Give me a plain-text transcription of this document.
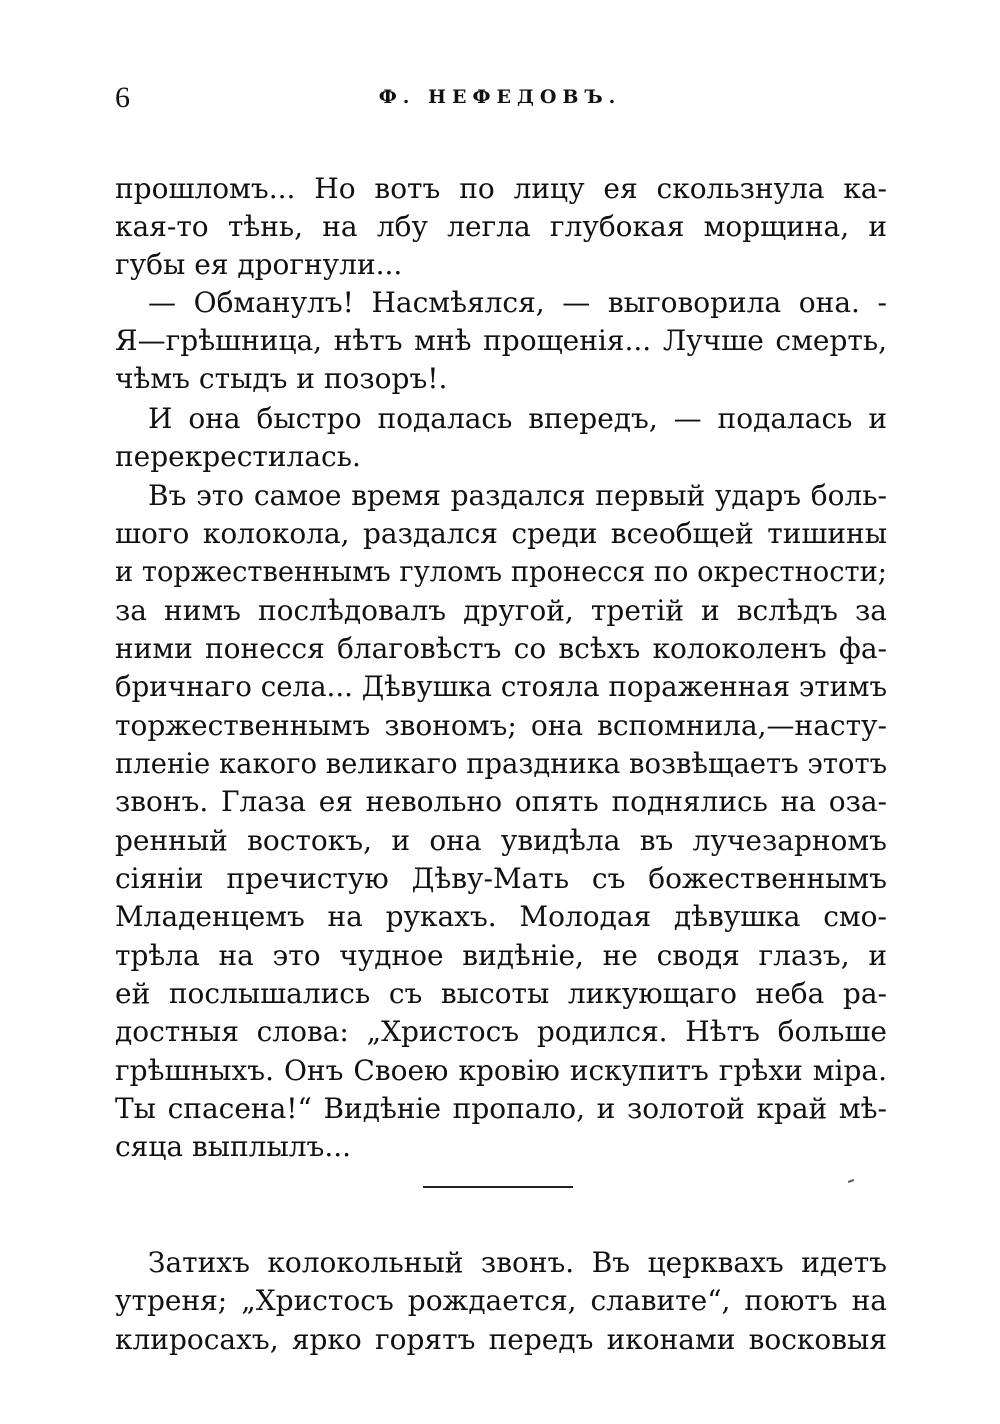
6	Ф. НЕФЕДОВЪ.
прошломъ... Но вотъ по лицу ея скользнула ка-
кая-то тѣнь, на лбу легла глубокая морщина, и
губы ея дрогнули...
— Обманулъ! Насмѣялся, — выговорила она. -
Я—грѣшница, нѣтъ мнѣ прощенія... Лучше смерть,
чѣмъ стыдъ и позоръ!.
И она быстро подалась впередъ, — подалась и
перекрестилась.
Въ это самое время раздался первый ударъ боль-
шого колокола, раздался среди всеобщей тишины
и торжественнымъ гуломъ пронесся по окрестности;
за нимъ послѣдовалъ другой, третій и вслѣдъ за
ними понесся благовѣстъ со всѣхъ колоколенъ фа-
бричнаго села... Дѣвушка стояла пораженная этимъ
торжественнымъ звономъ; она вспомнила,—насту-
пленіе какого великаго праздника возвѣщаетъ этотъ
звонъ. Глаза ея невольно опять поднялись на оза-
ренный востокъ, и она увидѣла въ лучезарномъ
сіяніи пречистую Дѣву-Мать съ божественнымъ
Младенцемъ на рукахъ. Молодая дѣвушка смо-
трѣла на это чудное видѣніе, не сводя глазъ, и
ей послышались съ высоты ликующаго неба ра-
достныя слова: „Христосъ родился. Нѣтъ больше
грѣшныхъ. Онъ Своею кровію искупитъ грѣхи міра.
Ты спасена!“ Видѣніе пропало, и золотой край мѣ-
сяца выплылъ...
Затихъ колокольный звонъ. Въ церквахъ идетъ
утреня; „Христосъ рождается, славите“, поютъ на
клиросахъ, ярко горятъ передъ иконами восковыя
